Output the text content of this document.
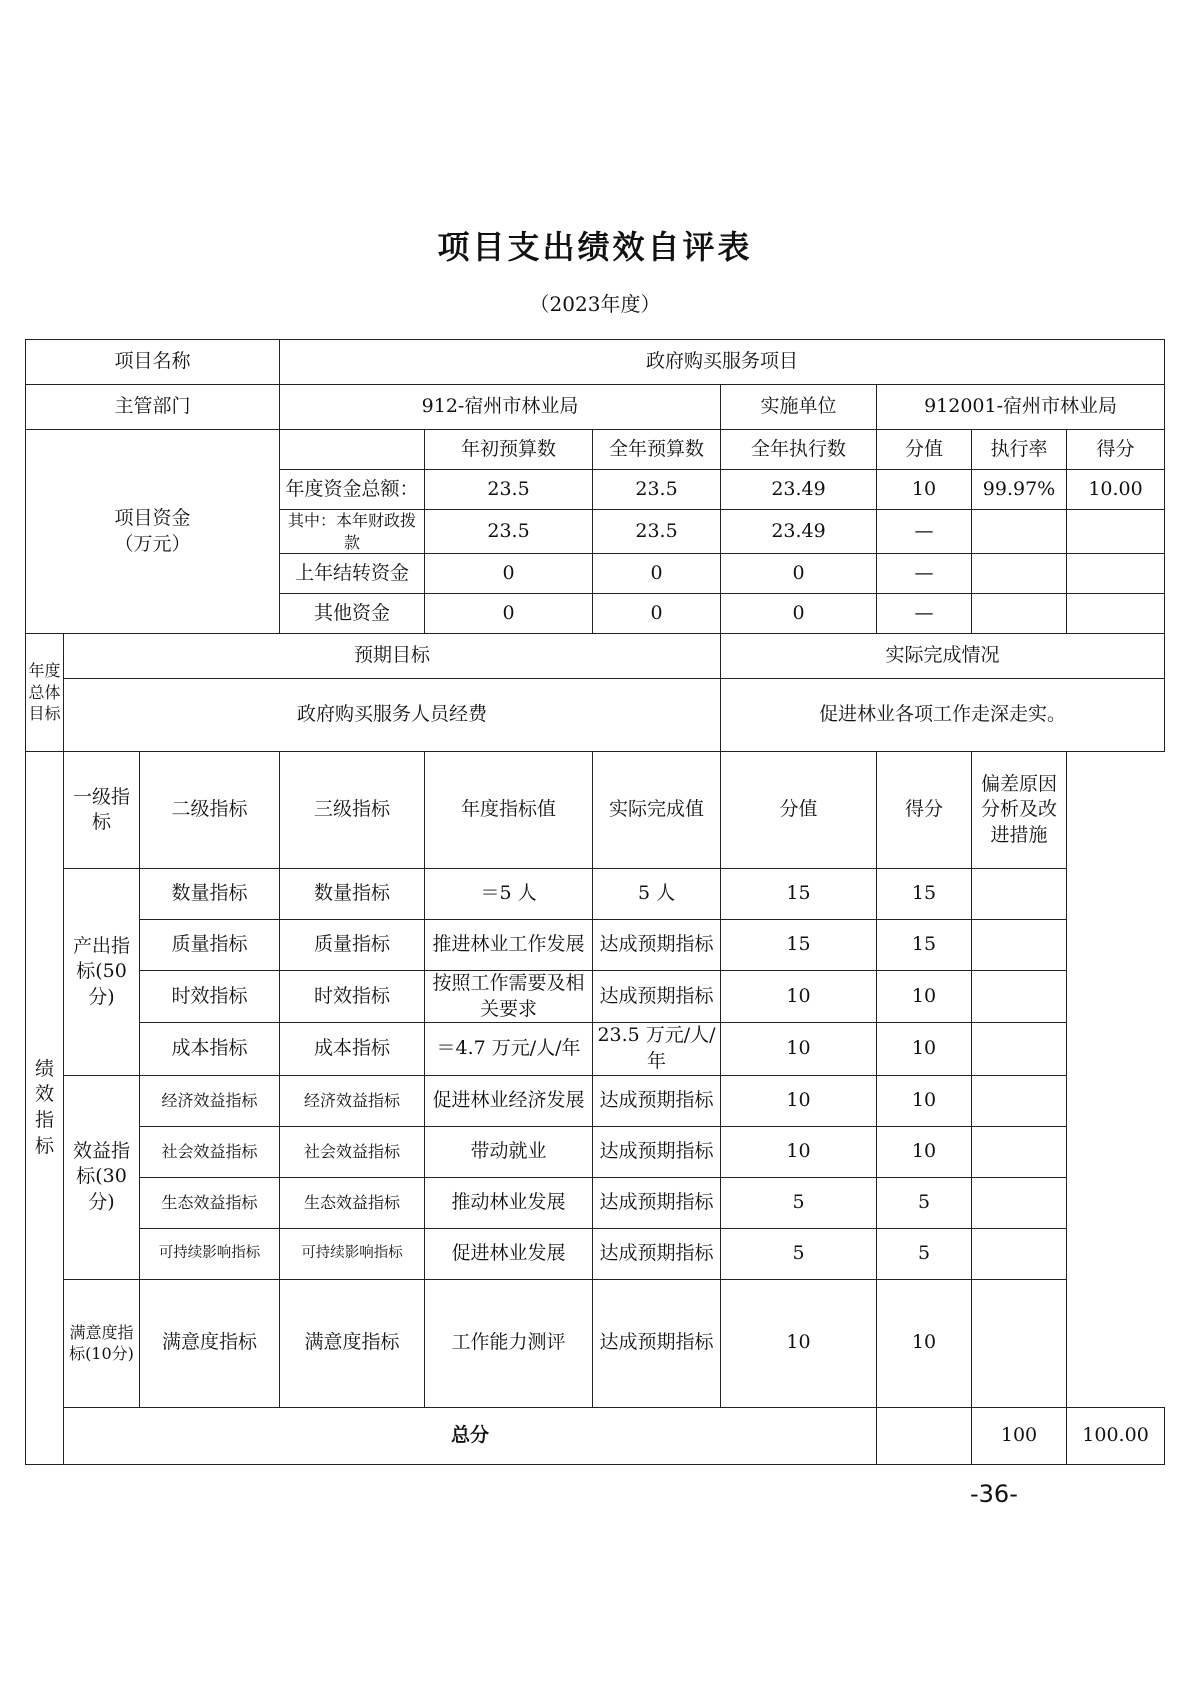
项目支出绩效自评表
（2023年度）
项目名称			政府购买服务项目							
主管部门			912-宿州市林业局			实施单位	912001-宿州市林业局			

项目资金
（万元）				年初预算数	全年预算数	全年执行数	分值	执行率	得分	
			年度资金总额：	23.5	23.5	23.49	10	99.97%	10.00	
			其中：本年财政拨款	23.5	23.5	23.49	—			
			上年结转资金	0	0	0	—			
			其他资金	0	0	0	—			
年度总体目标	预期目标					实际完成情况				
	政府购买服务人员经费					促进林业各项工作走深走实。				
绩效指标	一级指标	二级指标	三级指标	年度指标值	实际完成值	分值	得分	偏差原因分析及改进措施		
	产出指标(50分)	数量指标	数量指标	＝5 人	5 人	15	15			
		质量指标	质量指标	推进林业工作发展	达成预期指标	15	15			
		时效指标	时效指标	按照工作需要及相关要求	达成预期指标	10	10			
		成本指标	成本指标	＝4.7 万元/人/年	23.5 万元/人/年	10	10			
	效益指标(30分)	经济效益指标	经济效益指标	促进林业经济发展	达成预期指标	10	10			
		社会效益指标	社会效益指标	带动就业	达成预期指标	10	10			
		生态效益指标	生态效益指标	推动林业发展	达成预期指标	5	5			
		可持续影响指标	可持续影响指标	促进林业发展	达成预期指标	5	5			
	满意度指标(10分)	满意度指标	满意度指标	工作能力测评	达成预期指标	10	10			
	总分							100	100.00	
-36-
